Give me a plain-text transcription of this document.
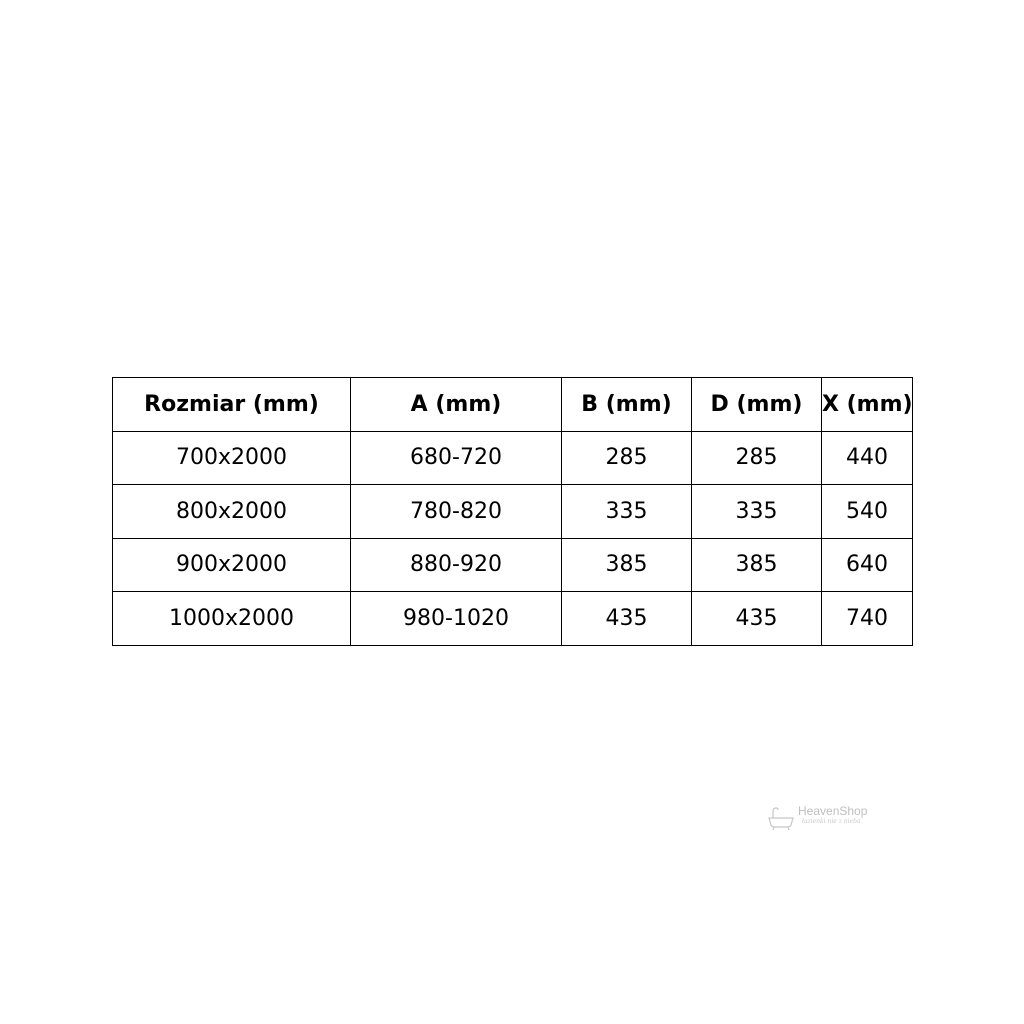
Rozmiar (mm)	A (mm)	B (mm)	D (mm)	X (mm)
700x2000	680-720	285	285	440
800x2000	780-820	335	335	540
900x2000	880-920	385	385	640
1000x2000	980-1020	435	435	740
HeavenShop
łazienki nie z nieba
